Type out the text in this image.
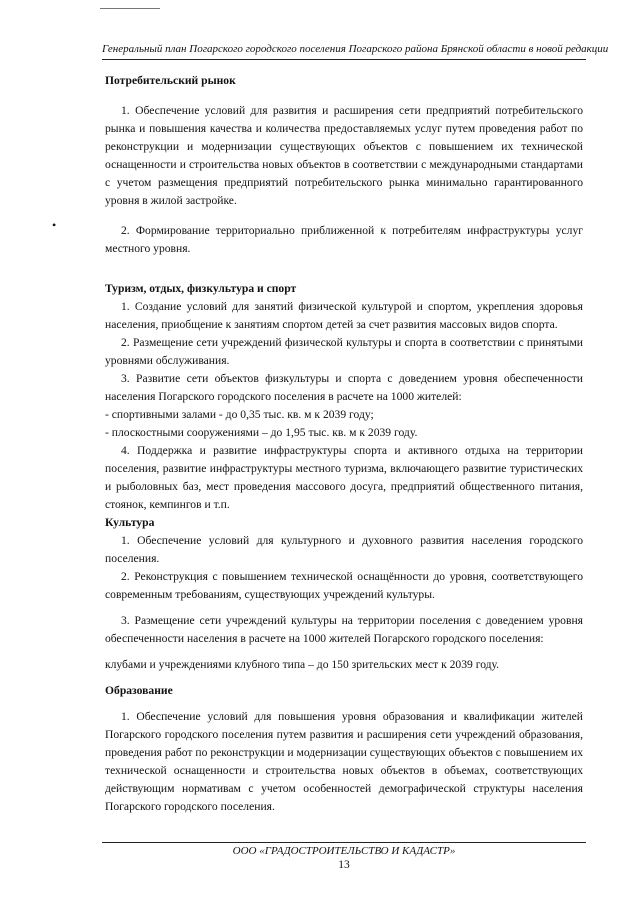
Генеральный план Погарского городского поселения Погарского района Брянской области в новой редакции
•

Потребительский рынок

1. Обеспечение условий для развития и расширения сети предприятий потребительского рынка и повышения качества и количества предоставляемых услуг путем проведения работ по реконструкции и модернизации существующих объектов с повышением их технической оснащенности и строительства новых объектов в соответствии с международными стандартами с учетом размещения предприятий потребительского рынка минимально гарантированного уровня в жилой застройке.

2. Формирование территориально приближенной к потребителям инфраструктуры услуг местного уровня.

Туризм, отдых, физкультура и спорт

1. Создание условий для занятий физической культурой и спортом, укрепления здоровья населения, приобщение к занятиям спортом детей за счет развития массовых видов спорта.

2. Размещение сети учреждений физической культуры и спорта в соответствии с принятыми уровнями обслуживания.

3. Развитие сети объектов физкультуры и спорта с доведением уровня обеспеченности населения Погарского городского поселения в расчете на 1000 жителей:

- спортивными залами - до 0,35 тыс. кв. м к 2039 году;

- плоскостными сооружениями – до 1,95 тыс. кв. м к 2039 году.

4. Поддержка и развитие инфраструктуры спорта и активного отдыха на территории поселения, развитие инфраструктуры местного туризма, включающего развитие туристических и рыболовных баз, мест проведения массового досуга, предприятий общественного питания, стоянок, кемпингов и т.п.

Культура

1. Обеспечение условий для культурного и духовного развития населения городского поселения.

2. Реконструкция с повышением технической оснащённости до уровня, соответствующего современным требованиям, существующих учреждений культуры.

3. Размещение сети учреждений культуры на территории поселения с доведением уровня обеспеченности населения в расчете на 1000 жителей Погарского городского поселения:

клубами и учреждениями клубного типа – до 150 зрительских мест к 2039 году.

Образование

1. Обеспечение условий для повышения уровня образования и квалификации жителей Погарского городского поселения путем развития и расширения сети учреждений образования, проведения работ по реконструкции и модернизации существующих объектов с повышением их технической оснащенности и строительства новых объектов в объемах, соответствующих действующим нормативам с учетом особенностей демографической структуры населения Погарского городского поселения.

ООО «ГРАДОСТРОИТЕЛЬСТВО И КАДАСТР»
13
